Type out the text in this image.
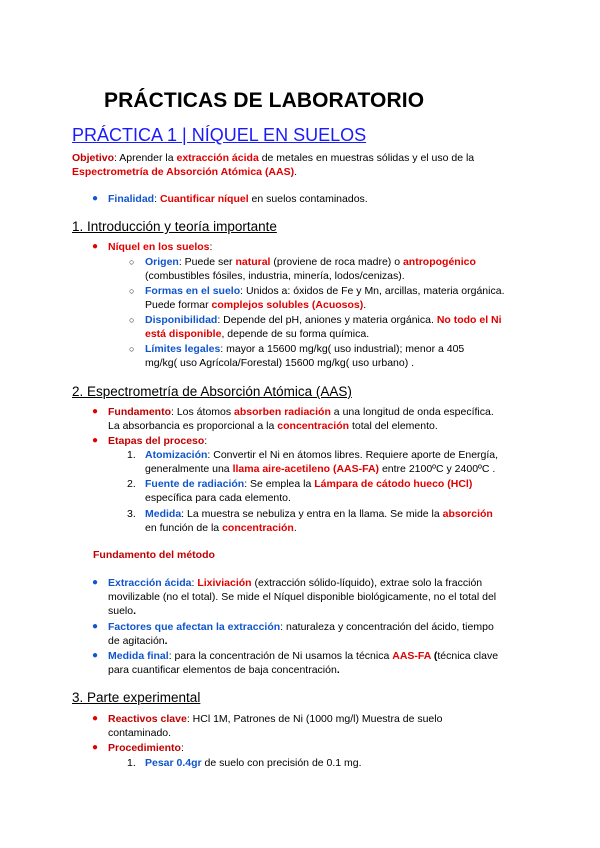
PRÁCTICAS DE LABORATORIO
PRÁCTICA 1 | NÍQUEL EN SUELOS
Objetivo: Aprender la extracción ácida de metales en muestras sólidas y el uso de la
Espectrometría de Absorción Atómica (AAS).
● Finalidad: Cuantificar níquel en suelos contaminados.
1. Introducción y teoría importante
● Níquel en los suelos:
○ Origen: Puede ser natural (proviene de roca madre) o antropogénico
(combustibles fósiles, industria, minería, lodos/cenizas).
○ Formas en el suelo: Unidos a: óxidos de Fe y Mn, arcillas, materia orgánica.
Puede formar complejos solubles (Acuosos).
○ Disponibilidad: Depende del pH, aniones y materia orgánica. No todo el Ni
está disponible, depende de su forma química.
○ Límites legales: mayor a 15600 mg/kg( uso industrial); menor a 405
mg/kg( uso Agrícola/Forestal) 15600 mg/kg( uso urbano) .
2. Espectrometría de Absorción Atómica (AAS)
● Fundamento: Los átomos absorben radiación a una longitud de onda específica.
La absorbancia es proporcional a la concentración total del elemento.
● Etapas del proceso:
1. Atomización: Convertir el Ni en átomos libres. Requiere aporte de Energía,
generalmente una llama aire-acetileno (AAS-FA) entre 2100ºC y 2400ºC .
2. Fuente de radiación: Se emplea la Lámpara de cátodo hueco (HCl)
específica para cada elemento.
3. Medida: La muestra se nebuliza y entra en la llama. Se mide la absorción
en función de la concentración.
Fundamento del método
● Extracción ácida: Lixiviación (extracción sólido-líquido), extrae solo la fracción
movilizable (no el total). Se mide el Níquel disponible biológicamente, no el total del
suelo.
● Factores que afectan la extracción: naturaleza y concentración del ácido, tiempo
de agitación.
● Medida final: para la concentración de Ni usamos la técnica AAS-FA (técnica clave
para cuantificar elementos de baja concentración.
3. Parte experimental
● Reactivos clave: HCl 1M, Patrones de Ni (1000 mg/l) Muestra de suelo
contaminado.
● Procedimiento:
1. Pesar 0.4gr de suelo con precisión de 0.1 mg.
